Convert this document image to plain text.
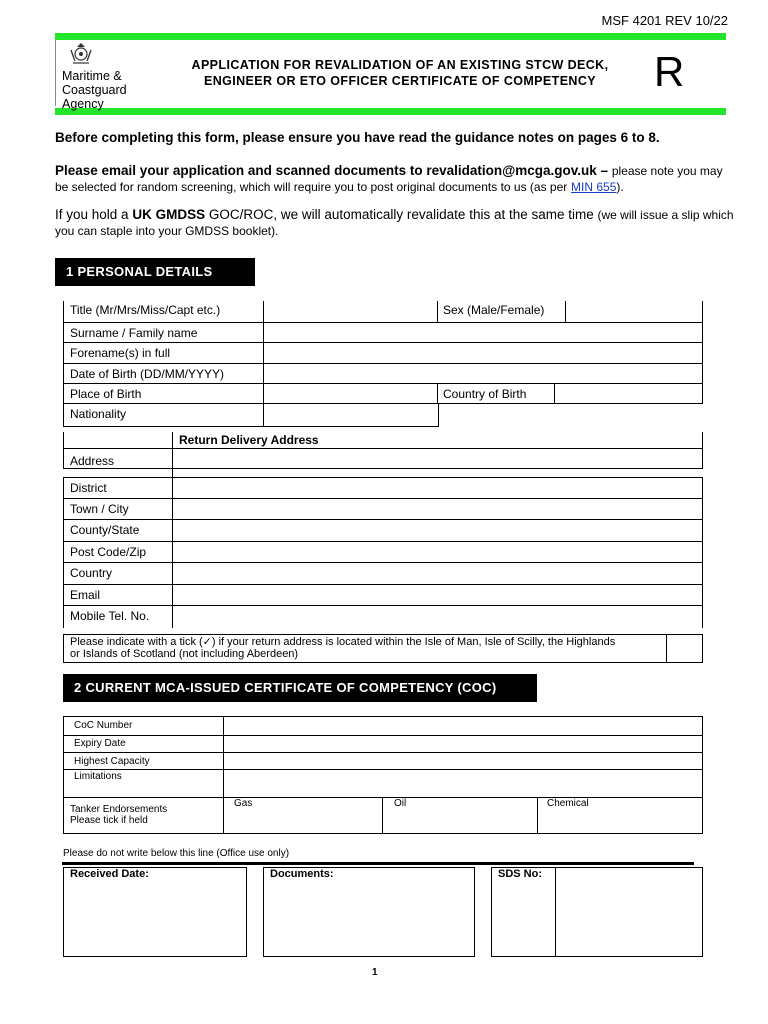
MSF 4201 REV 10/22
Maritime &
Coastguard
Agency
APPLICATION FOR REVALIDATION OF AN EXISTING STCW DECK,
ENGINEER OR ETO OFFICER CERTIFICATE OF COMPETENCY	R
Before completing this form, please ensure you have read the guidance notes on pages 6 to 8.
Please email your application and scanned documents to revalidation@mcga.gov.uk – please note you may be selected for random screening, which will require you to post original documents to us (as per MIN 655).
If you hold a UK GMDSS GOC/ROC, we will automatically revalidate this at the same time (we will issue a slip which you can staple into your GMDSS booklet).
1 PERSONAL DETAILS
Title (Mr/Mrs/Miss/Capt etc.)	Sex (Male/Female)
Surname / Family name
Forename(s) in full
Date of Birth (DD/MM/YYYY)
Place of Birth	Country of Birth
Nationality
Return Delivery Address
Address
District
Town / City
County/State
Post Code/Zip
Country
Email
Mobile Tel. No.
Please indicate with a tick (✓) if your return address is located within the Isle of Man, Isle of Scilly, the Highlands
or Islands of Scotland (not including Aberdeen)
2 CURRENT MCA-ISSUED CERTIFICATE OF COMPETENCY (COC)
CoC Number
Expiry Date
Highest Capacity
Limitations
Tanker Endorsements
Please tick if held
Gas	Oil	Chemical
Please do not write below this line (Office use only)
Received Date:	Documents:	SDS No:
1
